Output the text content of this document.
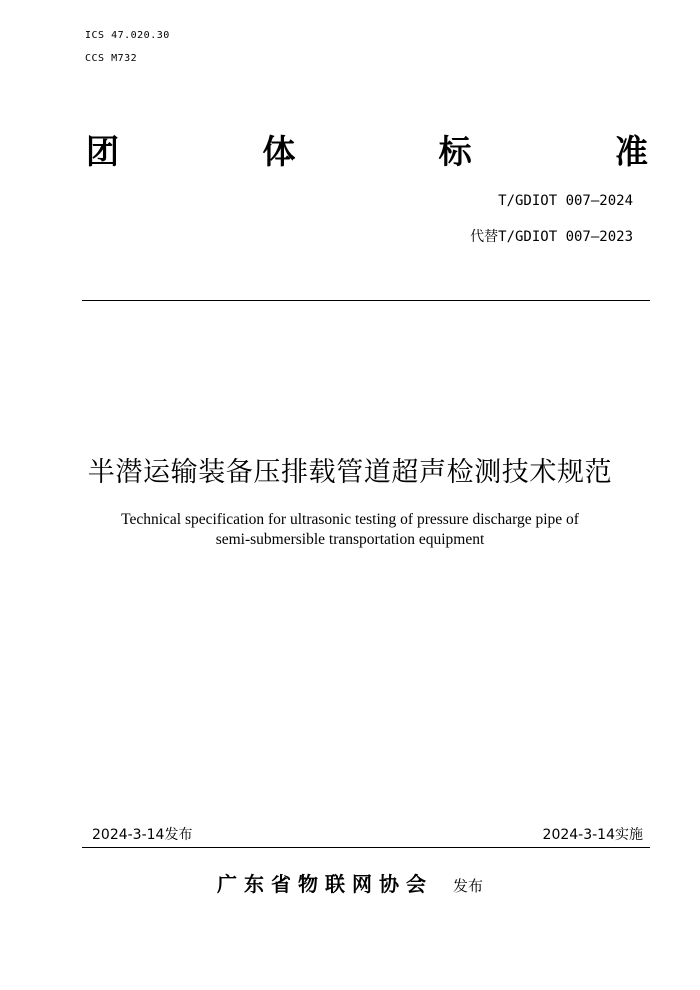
ICS 47.020.30
CCS M732
团	体	标	准
T/GDIOT 007—2024
代替T/GDIOT 007—2023
半潜运输装备压排载管道超声检测技术规范
Technical specification for ultrasonic testing of pressure discharge pipe of
semi-submersible transportation equipment
2024-3-14发布	2024-3-14实施
广东省物联网协会 发布
